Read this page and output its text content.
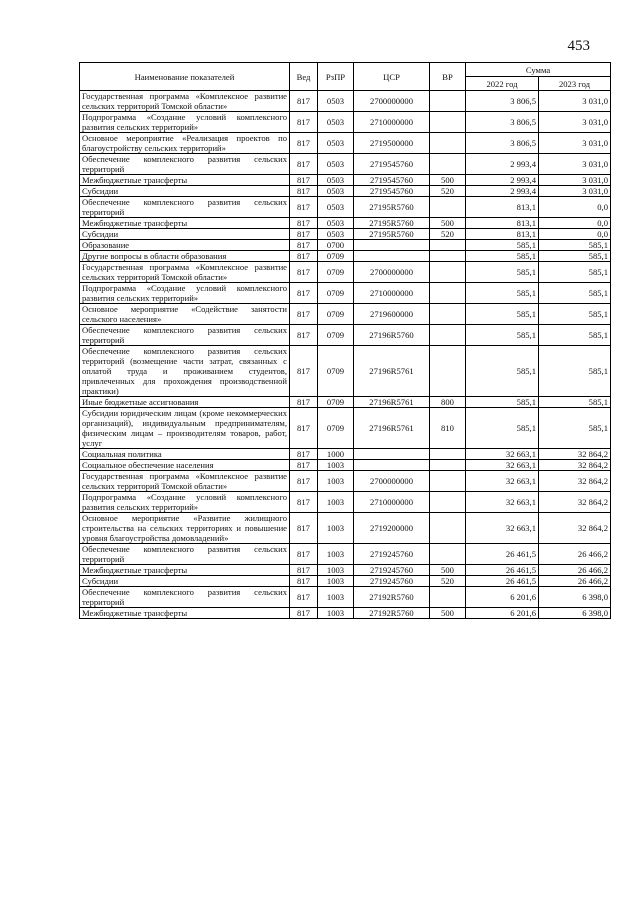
453
Наименование показателей	Вед	РзПР	ЦСР	ВР	Сумма	
					2022 год	2023 год
Государственная программа «Комплексное развитие сельских территорий Томской области»	817	0503	2700000000		3 806,5	3 031,0
Подпрограмма «Создание условий комплексного развития сельских территорий»	817	0503	2710000000		3 806,5	3 031,0
Основное мероприятие «Реализация проектов по благоустройству сельских территорий»	817	0503	2719500000		3 806,5	3 031,0
Обеспечение комплексного развития сельских территорий	817	0503	2719545760		2 993,4	3 031,0
Межбюджетные трансферты	817	0503	2719545760	500	2 993,4	3 031,0
Субсидии	817	0503	2719545760	520	2 993,4	3 031,0
Обеспечение комплексного развития сельских территорий	817	0503	27195R5760		813,1	0,0
Межбюджетные трансферты	817	0503	27195R5760	500	813,1	0,0
Субсидии	817	0503	27195R5760	520	813,1	0,0
Образование	817	0700			585,1	585,1
Другие вопросы в области образования	817	0709			585,1	585,1
Государственная программа «Комплексное развитие сельских территорий Томской области»	817	0709	2700000000		585,1	585,1
Подпрограмма «Создание условий комплексного развития сельских территорий»	817	0709	2710000000		585,1	585,1
Основное мероприятие «Содействие занятости сельского населения»	817	0709	2719600000		585,1	585,1
Обеспечение комплексного развития сельских территорий	817	0709	27196R5760		585,1	585,1
Обеспечение комплексного развития сельских территорий (возмещение части затрат, связанных с оплатой труда и проживанием студентов, привлеченных для прохождения производственной практики)	817	0709	27196R5761		585,1	585,1
Иные бюджетные ассигнования	817	0709	27196R5761	800	585,1	585,1
Субсидии юридическим лицам (кроме некоммерческих организаций), индивидуальным предпринимателям, физическим лицам – производителям товаров, работ, услуг	817	0709	27196R5761	810	585,1	585,1
Социальная политика	817	1000			32 663,1	32 864,2
Социальное обеспечение населения	817	1003			32 663,1	32 864,2
Государственная программа «Комплексное развитие сельских территорий Томской области»	817	1003	2700000000		32 663,1	32 864,2
Подпрограмма «Создание условий комплексного развития сельских территорий»	817	1003	2710000000		32 663,1	32 864,2
Основное мероприятие «Развитие жилищного строительства на сельских территориях и повышение уровня благоустройства домовладений»	817	1003	2719200000		32 663,1	32 864,2
Обеспечение комплексного развития сельских территорий	817	1003	2719245760		26 461,5	26 466,2
Межбюджетные трансферты	817	1003	2719245760	500	26 461,5	26 466,2
Субсидии	817	1003	2719245760	520	26 461,5	26 466,2
Обеспечение комплексного развития сельских территорий	817	1003	27192R5760		6 201,6	6 398,0
Межбюджетные трансферты	817	1003	27192R5760	500	6 201,6	6 398,0
